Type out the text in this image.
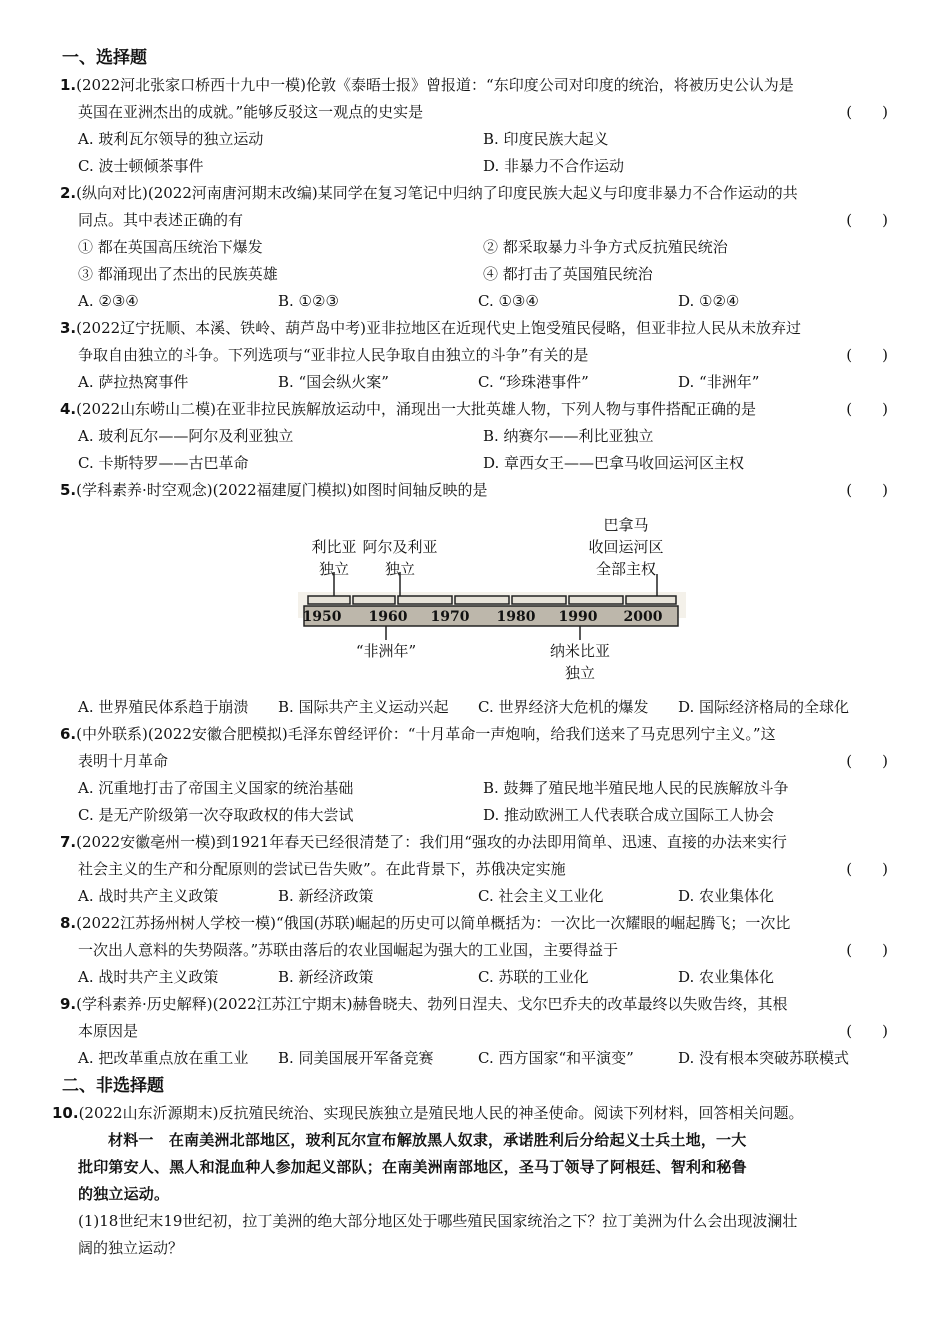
一、选择题
1.(2022河北张家口桥西十九中一模)伦敦《泰晤士报》曾报道：“东印度公司对印度的统治，将被历史公认为是
英国在亚洲杰出的成就。”能够反驳这一观点的史实是	(　　)
A. 玻利瓦尔领导的独立运动	B. 印度民族大起义
C. 波士顿倾茶事件	D. 非暴力不合作运动
2.(纵向对比)(2022河南唐河期末改编)某同学在复习笔记中归纳了印度民族大起义与印度非暴力不合作运动的共
同点。其中表述正确的有	(　　)
① 都在英国高压统治下爆发	② 都采取暴力斗争方式反抗殖民统治
③ 都涌现出了杰出的民族英雄	④ 都打击了英国殖民统治
A. ②③④	B. ①②③	C. ①③④	D. ①②④
3.(2022辽宁抚顺、本溪、铁岭、葫芦岛中考)亚非拉地区在近现代史上饱受殖民侵略，但亚非拉人民从未放弃过
争取自由独立的斗争。下列选项与“亚非拉人民争取自由独立的斗争”有关的是	(　　)
A. 萨拉热窝事件	B. “国会纵火案”	C. “珍珠港事件”	D. “非洲年”
4.(2022山东崂山二模)在亚非拉民族解放运动中，涌现出一大批英雄人物，下列人物与事件搭配正确的是	(　　)
A. 玻利瓦尔——阿尔及利亚独立	B. 纳赛尔——利比亚独立
C. 卡斯特罗——古巴革命	D. 章西女王——巴拿马收回运河区主权
5.(学科素养·时空观念)(2022福建厦门模拟)如图时间轴反映的是	(　　)
1950 1960 1970 1980 1990 2000
利比亚
独立
阿尔及利亚
独立
巴拿马
收回运河区
全部主权
“非洲年”	纳米比亚
独立
A. 世界殖民体系趋于崩溃	B. 国际共产主义运动兴起	C. 世界经济大危机的爆发	D. 国际经济格局的全球化
6.(中外联系)(2022安徽合肥模拟)毛泽东曾经评价：“十月革命一声炮响，给我们送来了马克思列宁主义。”这
表明十月革命	(　　)
A. 沉重地打击了帝国主义国家的统治基础	B. 鼓舞了殖民地半殖民地人民的民族解放斗争
C. 是无产阶级第一次夺取政权的伟大尝试	D. 推动欧洲工人代表联合成立国际工人协会
7.(2022安徽亳州一模)到1921年春天已经很清楚了：我们用“强攻的办法即用简单、迅速、直接的办法来实行
社会主义的生产和分配原则的尝试已告失败”。在此背景下，苏俄决定实施	(　　)
A. 战时共产主义政策	B. 新经济政策	C. 社会主义工业化	D. 农业集体化
8.(2022江苏扬州树人学校一模)“俄国(苏联)崛起的历史可以简单概括为：一次比一次耀眼的崛起腾飞；一次比
一次出人意料的失势陨落。”苏联由落后的农业国崛起为强大的工业国，主要得益于	(　　)
A. 战时共产主义政策	B. 新经济政策	C. 苏联的工业化	D. 农业集体化
9.(学科素养·历史解释)(2022江苏江宁期末)赫鲁晓夫、勃列日涅夫、戈尔巴乔夫的改革最终以失败告终，其根
本原因是	(　　)
A. 把改革重点放在重工业	B. 同美国展开军备竞赛	C. 西方国家“和平演变”	D. 没有根本突破苏联模式
二、非选择题
10.(2022山东沂源期末)反抗殖民统治、实现民族独立是殖民地人民的神圣使命。阅读下列材料，回答相关问题。
材料一　 在南美洲北部地区，玻利瓦尔宣布解放黑人奴隶，承诺胜利后分给起义士兵土地，一大
批印第安人、黑人和混血种人参加起义部队；在南美洲南部地区，圣马丁领导了阿根廷、智利和秘鲁
的独立运动。
(1)18世纪末19世纪初，拉丁美洲的绝大部分地区处于哪些殖民国家统治之下？拉丁美洲为什么会出现波澜壮
阔的独立运动？
